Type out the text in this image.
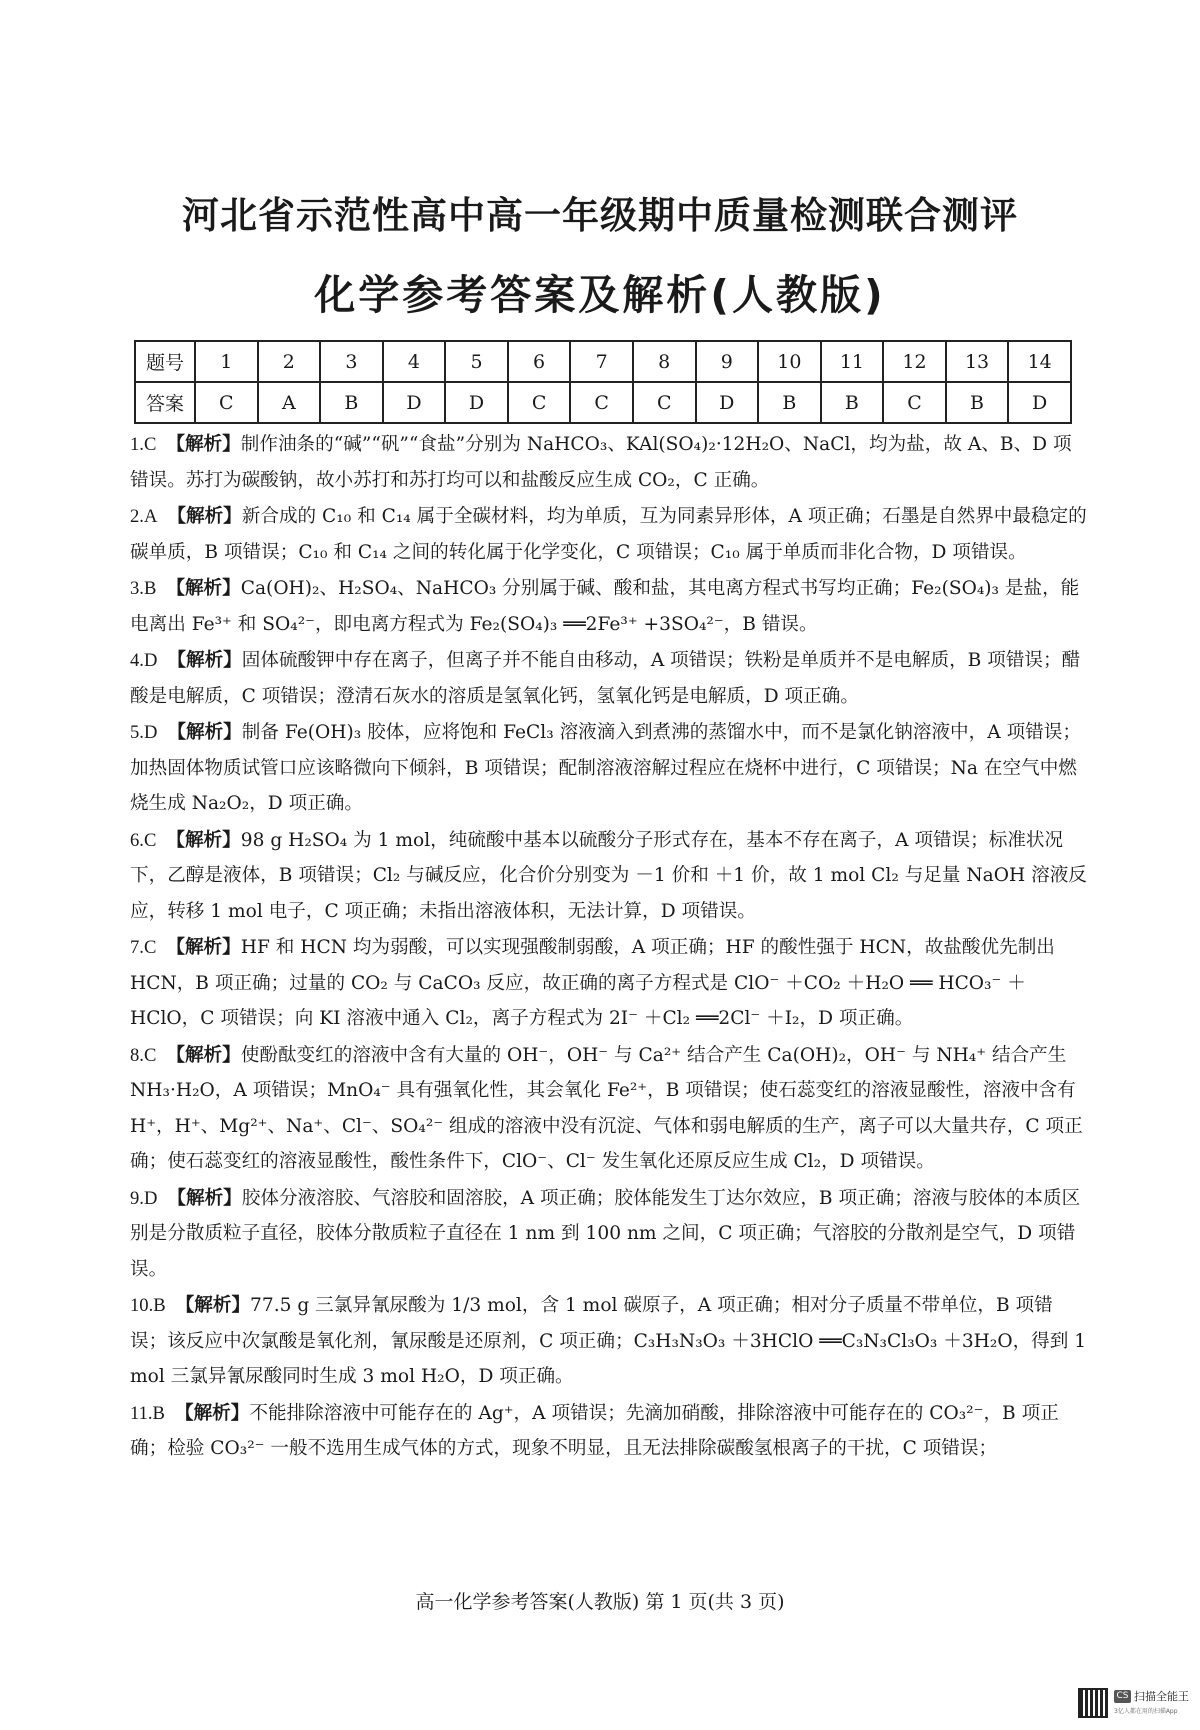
河北省示范性高中高一年级期中质量检测联合测评
化学参考答案及解析(人教版)
题号	1	2	3	4	5	6	7	8	9	10	11	12	13	14
答案	C	A	B	D	D	C	C	C	D	B	B	C	B	D
1.C 【解析】制作油条的“碱”“矾”“食盐”分别为 NaHCO₃、KAl(SO₄)₂·12H₂O、NaCl，均为盐，故 A、B、D 项错误。苏打为碳酸钠，故小苏打和苏打均可以和盐酸反应生成 CO₂，C 正确。
2.A 【解析】新合成的 C₁₀ 和 C₁₄ 属于全碳材料，均为单质，互为同素异形体，A 项正确；石墨是自然界中最稳定的碳单质，B 项错误；C₁₀ 和 C₁₄ 之间的转化属于化学变化，C 项错误；C₁₀ 属于单质而非化合物，D 项错误。
3.B 【解析】Ca(OH)₂、H₂SO₄、NaHCO₃ 分别属于碱、酸和盐，其电离方程式书写均正确；Fe₂(SO₄)₃ 是盐，能电离出 Fe³⁺ 和 SO₄²⁻，即电离方程式为 Fe₂(SO₄)₃ ══2Fe³⁺ +3SO₄²⁻，B 错误。
4.D 【解析】固体硫酸钾中存在离子，但离子并不能自由移动，A 项错误；铁粉是单质并不是电解质，B 项错误；醋酸是电解质，C 项错误；澄清石灰水的溶质是氢氧化钙，氢氧化钙是电解质，D 项正确。
5.D 【解析】制备 Fe(OH)₃ 胶体，应将饱和 FeCl₃ 溶液滴入到煮沸的蒸馏水中，而不是氯化钠溶液中，A 项错误；加热固体物质试管口应该略微向下倾斜，B 项错误；配制溶液溶解过程应在烧杯中进行，C 项错误；Na 在空气中燃烧生成 Na₂O₂，D 项正确。
6.C 【解析】98 g H₂SO₄ 为 1 mol，纯硫酸中基本以硫酸分子形式存在，基本不存在离子，A 项错误；标准状况下，乙醇是液体，B 项错误；Cl₂ 与碱反应，化合价分别变为 －1 价和 ＋1 价，故 1 mol Cl₂ 与足量 NaOH 溶液反应，转移 1 mol 电子，C 项正确；未指出溶液体积，无法计算，D 项错误。
7.C 【解析】HF 和 HCN 均为弱酸，可以实现强酸制弱酸，A 项正确；HF 的酸性强于 HCN，故盐酸优先制出 HCN，B 项正确；过量的 CO₂ 与 CaCO₃ 反应，故正确的离子方程式是 ClO⁻ ＋CO₂ ＋H₂O ══ HCO₃⁻ ＋HClO，C 项错误；向 KI 溶液中通入 Cl₂，离子方程式为 2I⁻ ＋Cl₂ ══2Cl⁻ ＋I₂，D 项正确。
8.C 【解析】使酚酞变红的溶液中含有大量的 OH⁻，OH⁻ 与 Ca²⁺ 结合产生 Ca(OH)₂，OH⁻ 与 NH₄⁺ 结合产生NH₃·H₂O，A 项错误；MnO₄⁻ 具有强氧化性，其会氧化 Fe²⁺，B 项错误；使石蕊变红的溶液显酸性，溶液中含有 H⁺，H⁺、Mg²⁺、Na⁺、Cl⁻、SO₄²⁻ 组成的溶液中没有沉淀、气体和弱电解质的生产，离子可以大量共存，C 项正确；使石蕊变红的溶液显酸性，酸性条件下，ClO⁻、Cl⁻ 发生氧化还原反应生成 Cl₂，D 项错误。
9.D 【解析】胶体分液溶胶、气溶胶和固溶胶，A 项正确；胶体能发生丁达尔效应，B 项正确；溶液与胶体的本质区别是分散质粒子直径，胶体分散质粒子直径在 1 nm 到 100 nm 之间，C 项正确；气溶胶的分散剂是空气，D 项错误。
10.B 【解析】77.5 g 三氯异氰尿酸为 1/3 mol，含 1 mol 碳原子，A 项正确；相对分子质量不带单位，B 项错误；该反应中次氯酸是氧化剂，氰尿酸是还原剂，C 项正确；C₃H₃N₃O₃ ＋3HClO ══C₃N₃Cl₃O₃ ＋3H₂O，得到 1 mol 三氯异氰尿酸同时生成 3 mol H₂O，D 项正确。
11.B 【解析】不能排除溶液中可能存在的 Ag⁺，A 项错误；先滴加硝酸，排除溶液中可能存在的 CO₃²⁻，B 项正确；检验 CO₃²⁻ 一般不选用生成气体的方式，现象不明显，且无法排除碳酸氢根离子的干扰，C 项错误；
高一化学参考答案(人教版) 第 1 页(共 3 页)
CS 扫描全能王
3亿人都在用的扫描App
